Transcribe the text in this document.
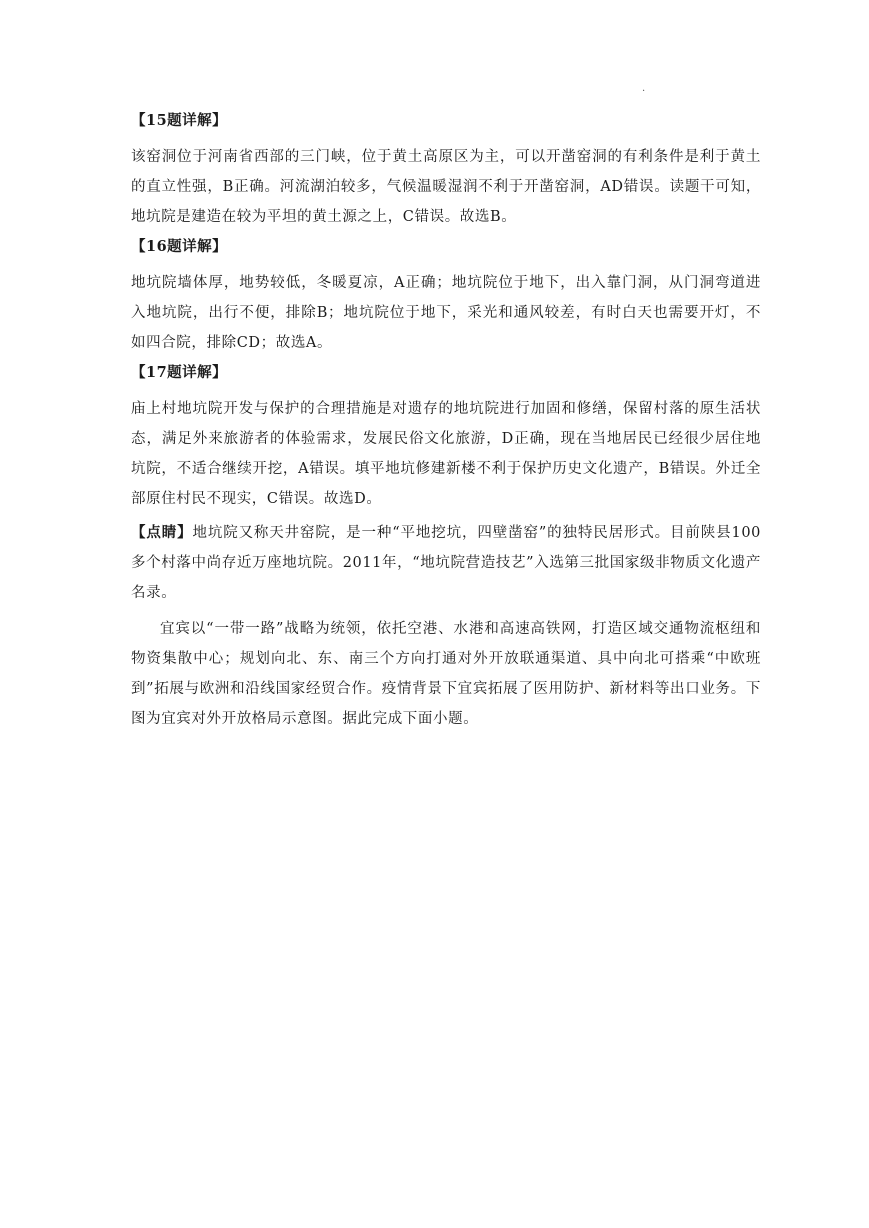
.
【15题详解】
该窑洞位于河南省西部的三门峡，位于黄土高原区为主，可以开凿窑洞的有利条件是利于黄土的直立性强，B正确。河流湖泊较多，气候温暖湿润不利于开凿窑洞，AD错误。读题干可知，地坑院是建造在较为平坦的黄土源之上，C错误。故选B。
【16题详解】
地坑院墙体厚，地势较低，冬暖夏凉，A正确；地坑院位于地下，出入靠门洞，从门洞弯道进入地坑院，出行不便，排除B；地坑院位于地下，采光和通风较差，有时白天也需要开灯，不如四合院，排除CD；故选A。
【17题详解】
庙上村地坑院开发与保护的合理措施是对遗存的地坑院进行加固和修缮，保留村落的原生活状态，满足外来旅游者的体验需求，发展民俗文化旅游，D正确，现在当地居民已经很少居住地坑院，不适合继续开挖，A错误。填平地坑修建新楼不利于保护历史文化遗产，B错误。外迁全部原住村民不现实，C错误。故选D。
【点睛】地坑院又称天井窑院，是一种“平地挖坑，四壁凿窑”的独特民居形式。目前陕县100多个村落中尚存近万座地坑院。2011年，“地坑院营造技艺”入选第三批国家级非物质文化遗产名录。
宜宾以“一带一路”战略为统领，依托空港、水港和高速高铁网，打造区域交通物流枢纽和物资集散中心；规划向北、东、南三个方向打通对外开放联通渠道、具中向北可搭乘“中欧班到”拓展与欧洲和沿线国家经贸合作。疫情背景下宜宾拓展了医用防护、新材料等出口业务。下图为宜宾对外开放格局示意图。据此完成下面小题。
